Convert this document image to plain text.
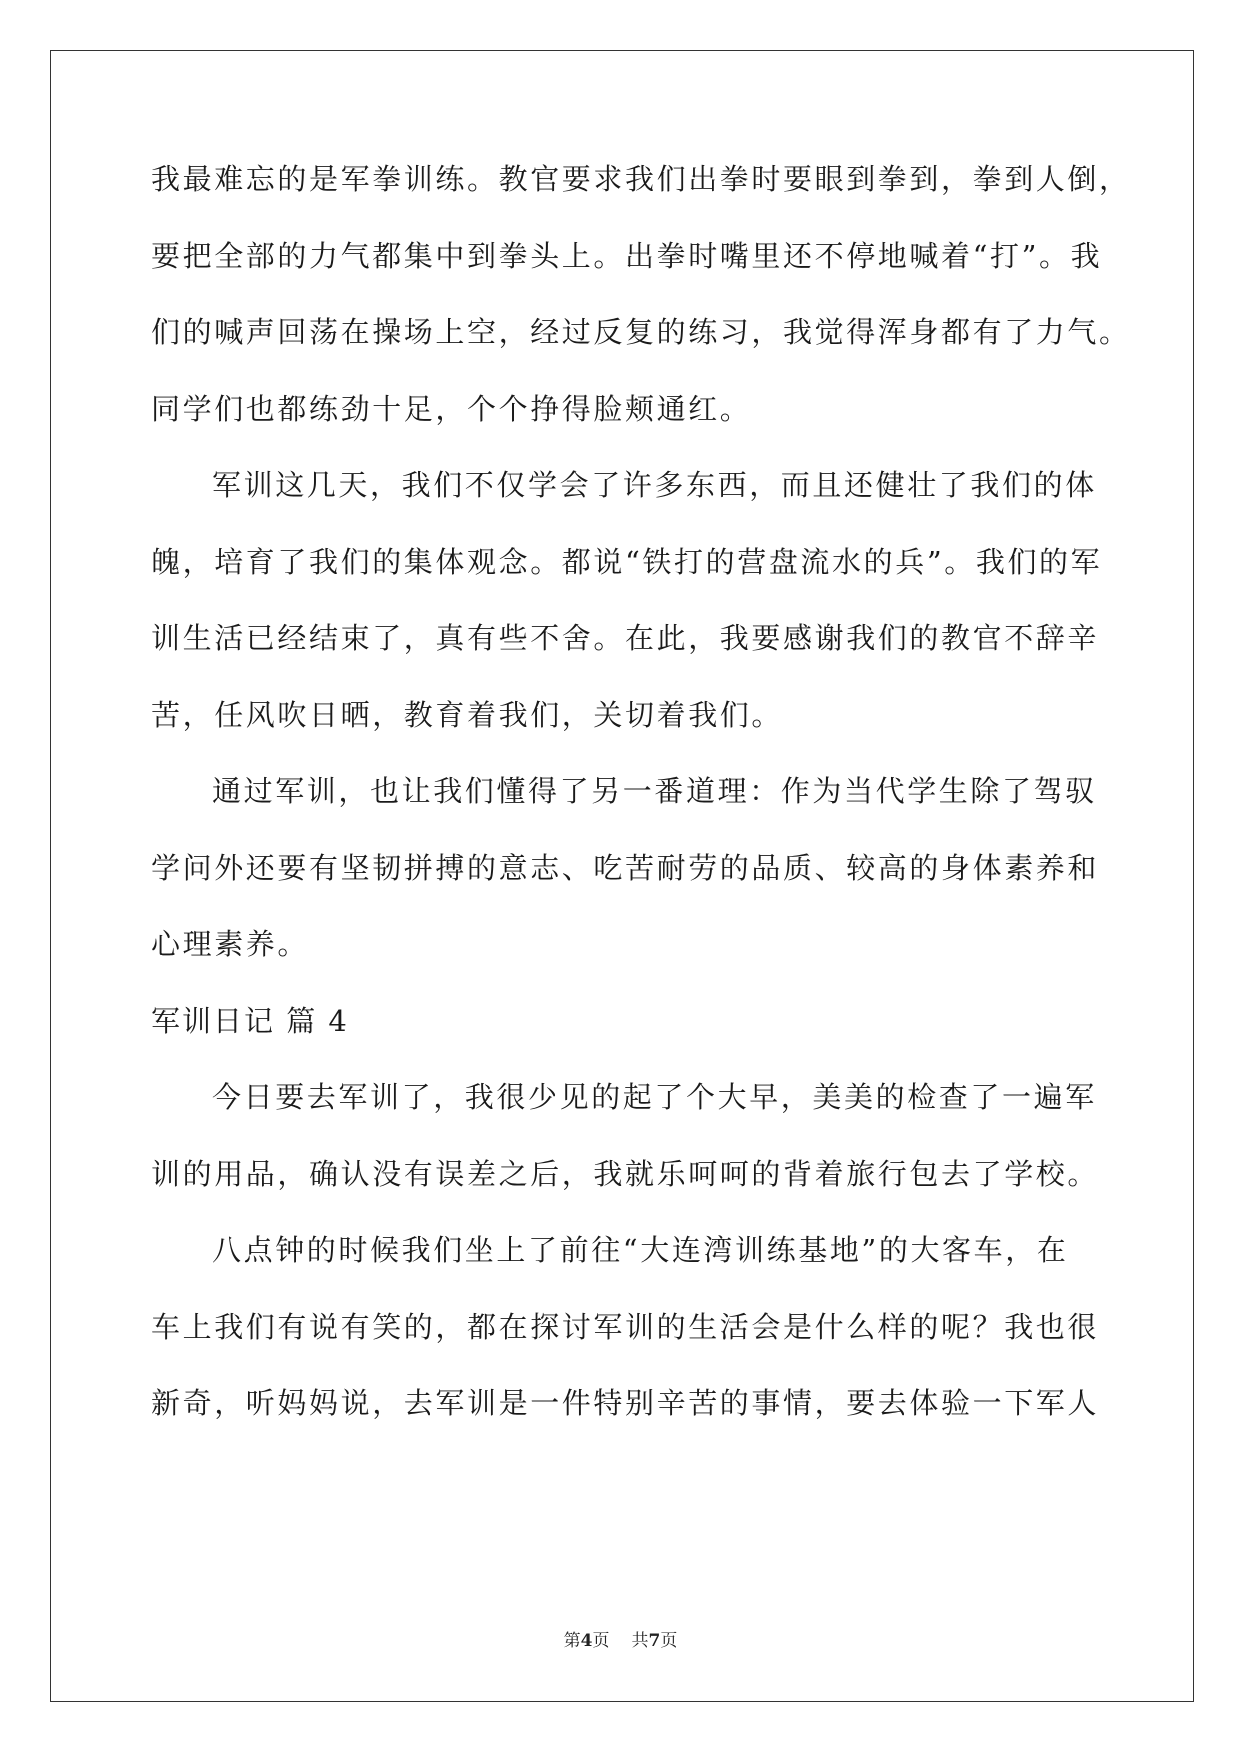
我最难忘的是军拳训练。教官要求我们出拳时要眼到拳到，拳到人倒，
要把全部的力气都集中到拳头上。出拳时嘴里还不停地喊着“打”。我
们的喊声回荡在操场上空，经过反复的练习，我觉得浑身都有了力气。
同学们也都练劲十足，个个挣得脸颊通红。
军训这几天，我们不仅学会了许多东西，而且还健壮了我们的体
魄，培育了我们的集体观念。都说“铁打的营盘流水的兵”。我们的军
训生活已经结束了，真有些不舍。在此，我要感谢我们的教官不辞辛
苦，任风吹日晒，教育着我们，关切着我们。
通过军训，也让我们懂得了另一番道理：作为当代学生除了驾驭
学问外还要有坚韧拼搏的意志、吃苦耐劳的品质、较高的身体素养和
心理素养。
军训日记 篇 4
今日要去军训了，我很少见的起了个大早，美美的检查了一遍军
训的用品，确认没有误差之后，我就乐呵呵的背着旅行包去了学校。
八点钟的时候我们坐上了前往“大连湾训练基地”的大客车，在
车上我们有说有笑的，都在探讨军训的生活会是什么样的呢？我也很
新奇，听妈妈说，去军训是一件特别辛苦的事情，要去体验一下军人
第4页 共7页
